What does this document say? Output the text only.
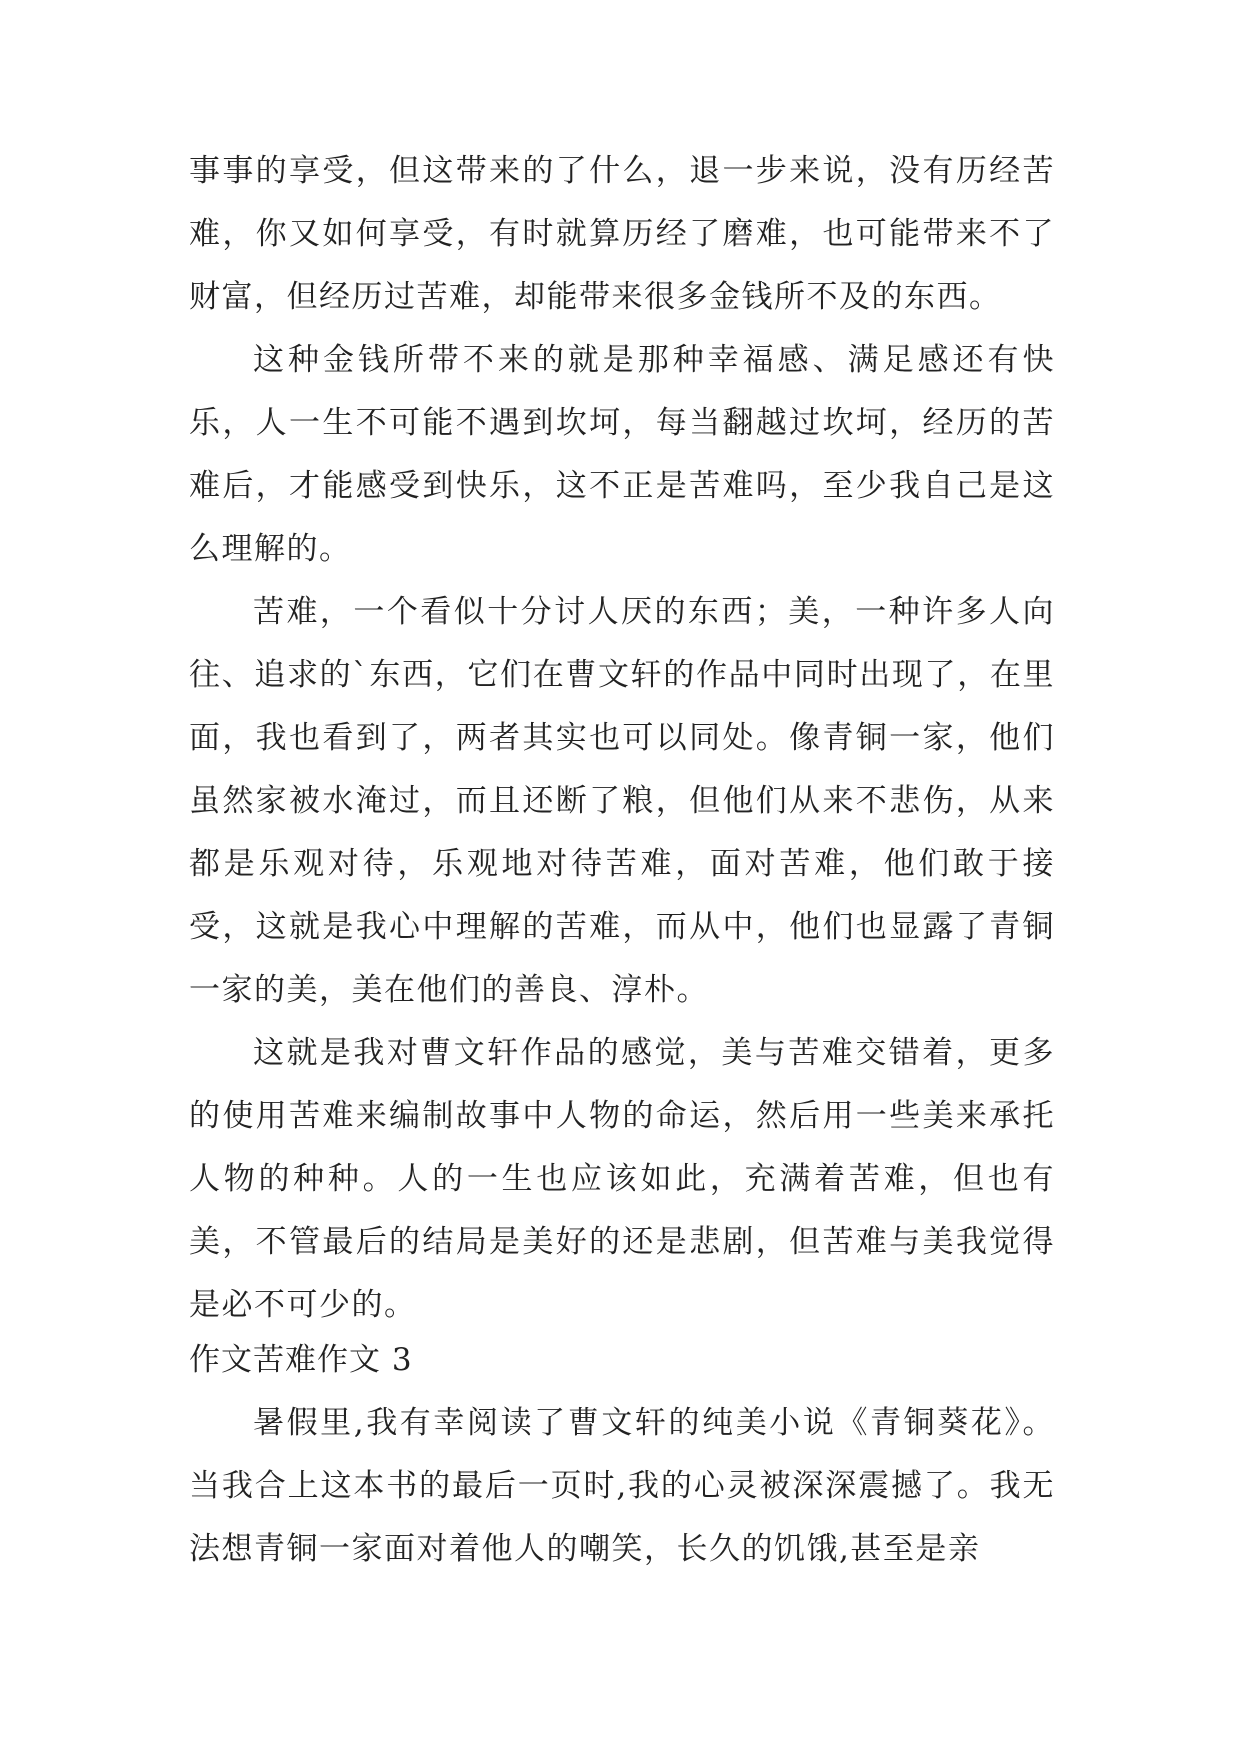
事事的享受，但这带来的了什么，退一步来说，没有历经苦难，你又如何享受，有时就算历经了磨难，也可能带来不了财富，但经历过苦难，却能带来很多金钱所不及的东西。

这种金钱所带不来的就是那种幸福感、满足感还有快乐，人一生不可能不遇到坎坷，每当翻越过坎坷，经历的苦难后，才能感受到快乐，这不正是苦难吗，至少我自己是这么理解的。

苦难，一个看似十分讨人厌的东西；美，一种许多人向往、追求的`东西，它们在曹文轩的作品中同时出现了，在里面，我也看到了，两者其实也可以同处。像青铜一家，他们虽然家被水淹过，而且还断了粮，但他们从来不悲伤，从来都是乐观对待，乐观地对待苦难，面对苦难，他们敢于接受，这就是我心中理解的苦难，而从中，他们也显露了青铜一家的美，美在他们的善良、淳朴。

这就是我对曹文轩作品的感觉，美与苦难交错着，更多的使用苦难来编制故事中人物的命运，然后用一些美来承托人物的种种。人的一生也应该如此，充满着苦难，但也有美，不管最后的结局是美好的还是悲剧，但苦难与美我觉得是必不可少的。

作文苦难作文 3

暑假里,我有幸阅读了曹文轩的纯美小说《青铜葵花》。当我合上这本书的最后一页时,我的心灵被深深震撼了。我无法想青铜一家面对着他人的嘲笑，长久的饥饿,甚至是亲
